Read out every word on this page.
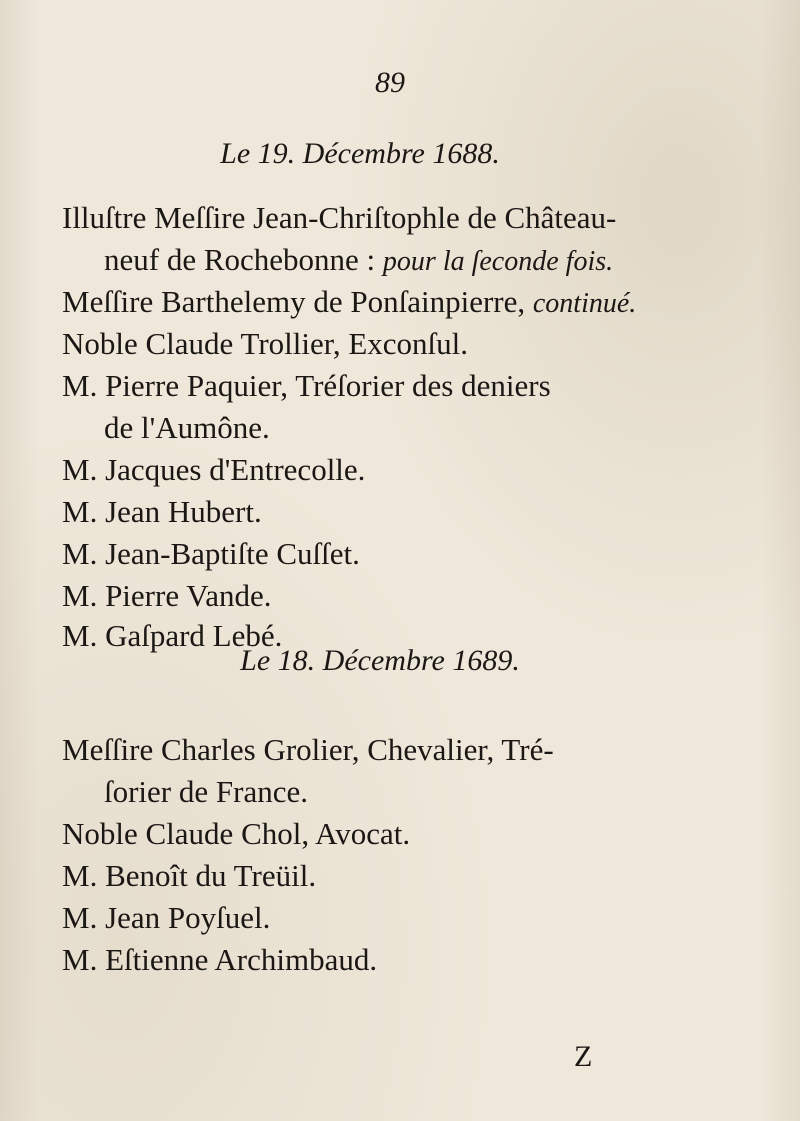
89
Le 19. Décembre 1688.
Illuſtre Meſſire Jean-Chriſtophle de Château-
neuf de Rochebonne : pour la ſeconde fois.
Meſſire Barthelemy de Ponſainpierre, continué.
Noble Claude Trollier, Exconſul.
M. Pierre Paquier, Tréſorier des deniers
de l'Aumône.
M. Jacques d'Entrecolle.
M. Jean Hubert.
M. Jean-Baptiſte Cuſſet.
M. Pierre Vande.
M. Gaſpard Lebé.
Le 18. Décembre 1689.
Meſſire Charles Grolier, Chevalier, Tré-
ſorier de France.
Noble Claude Chol, Avocat.
M. Benoît du Treüil.
M. Jean Poyſuel.
M. Eſtienne Archimbaud.
Z
